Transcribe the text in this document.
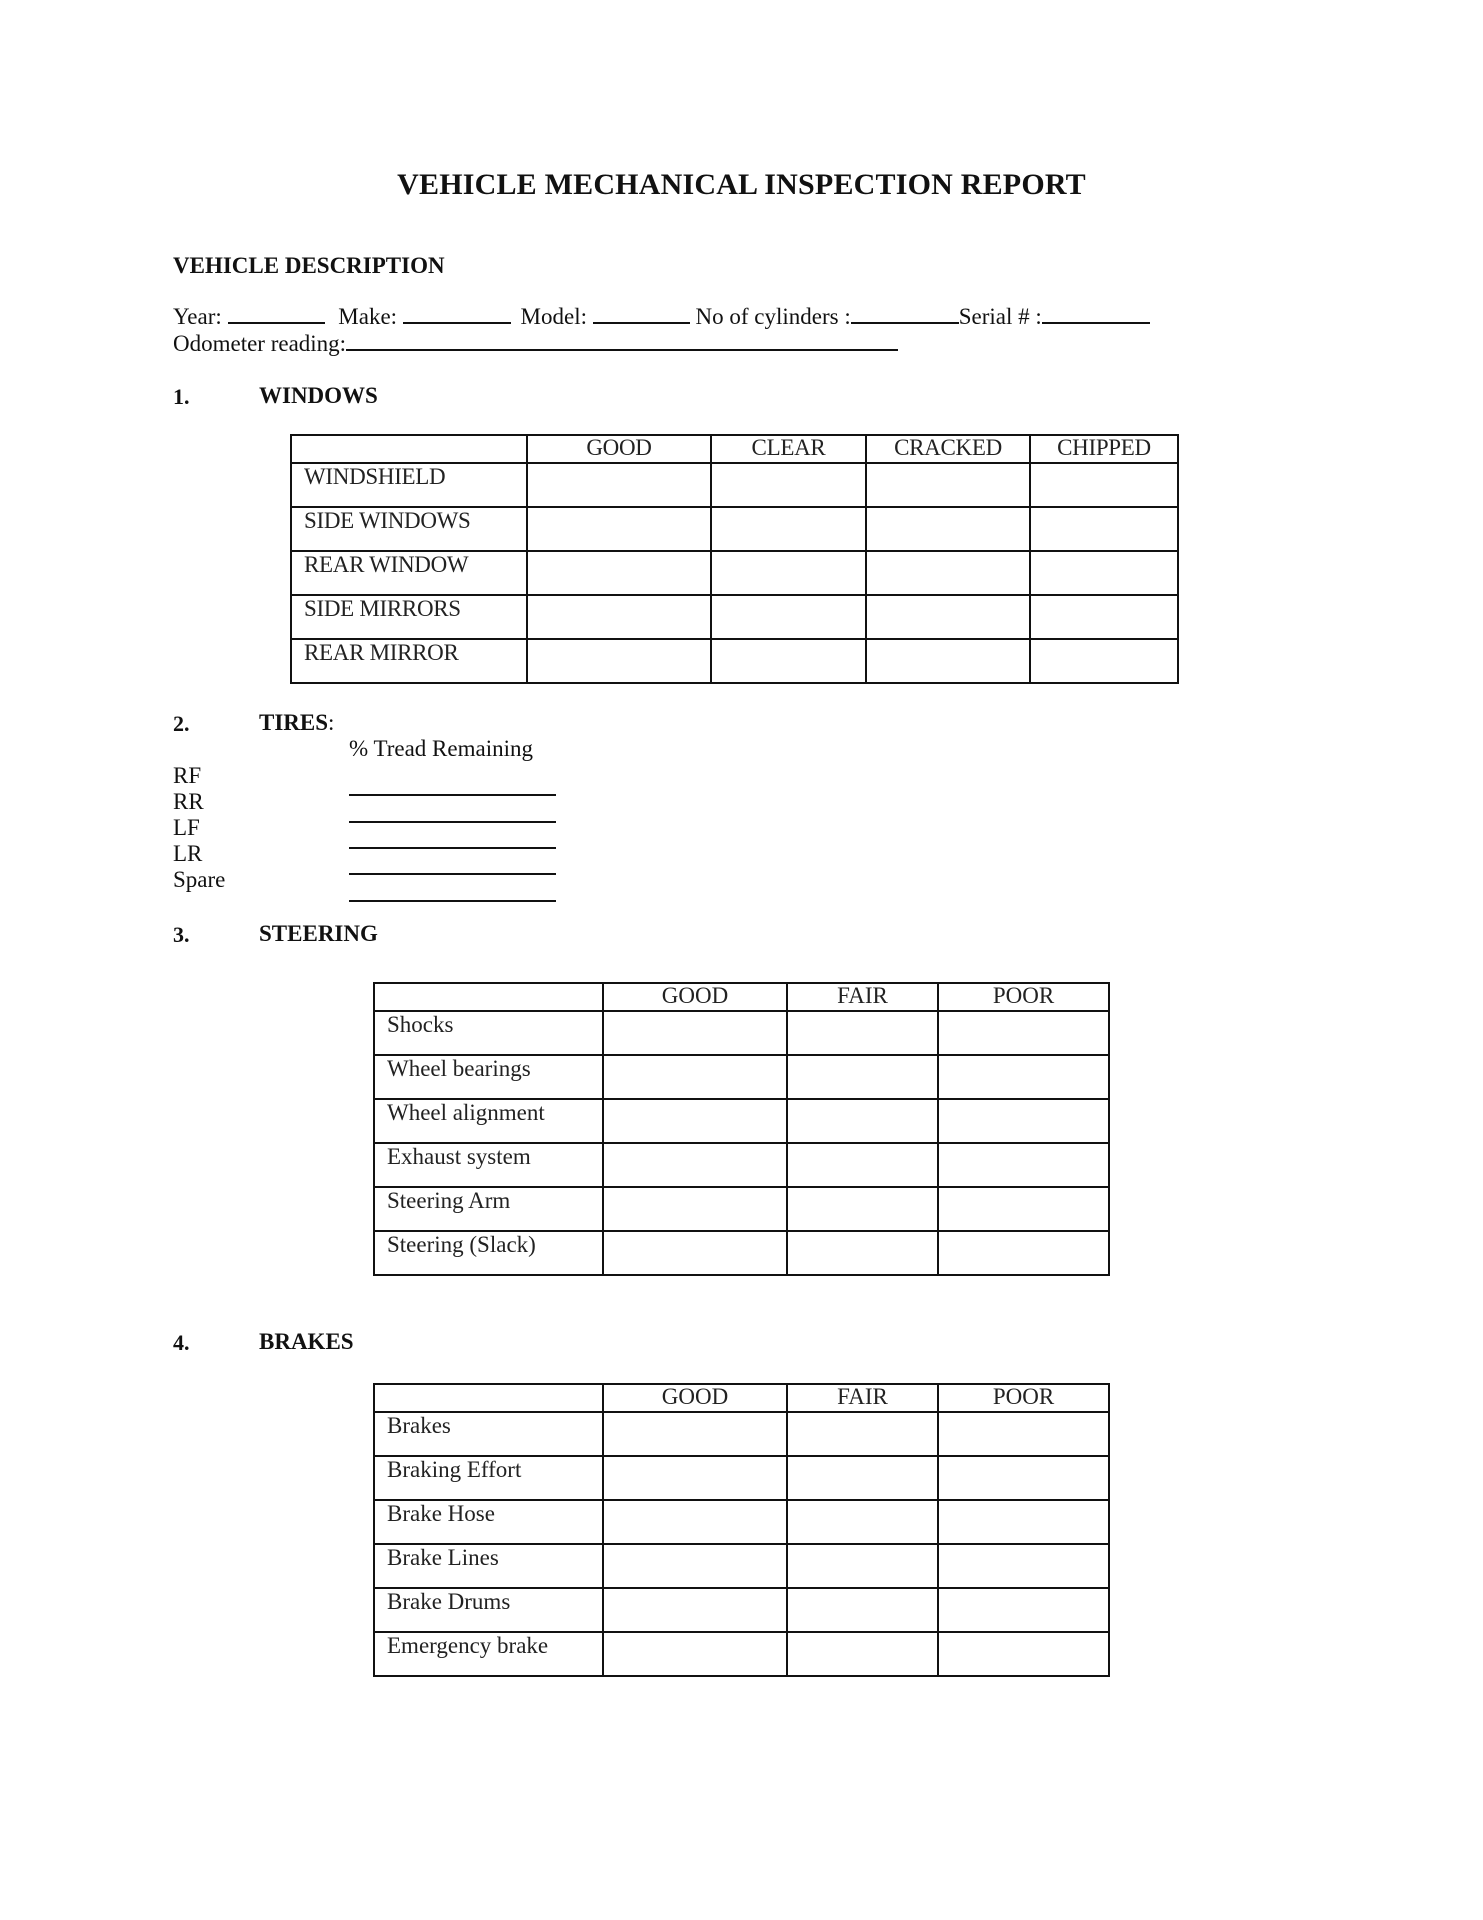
VEHICLE MECHANICAL INSPECTION REPORT
VEHICLE DESCRIPTION
Year:	Make:	Model:	No of cylinders :	Serial # :
Odometer reading:
1.	WINDOWS
	GOOD	CLEAR	CRACKED	CHIPPED
WINDSHIELD				
SIDE WINDOWS				
REAR WINDOW				
SIDE MIRRORS				
REAR MIRROR				
2.	TIRES:
% Tread Remaining
RF
RR
LF
LR
Spare
3.	STEERING
	GOOD	FAIR	POOR
Shocks			
Wheel bearings			
Wheel alignment			
Exhaust system			
Steering Arm			
Steering (Slack)			
4.	BRAKES
	GOOD	FAIR	POOR
Brakes			
Braking Effort			
Brake Hose			
Brake Lines			
Brake Drums			
Emergency brake			
